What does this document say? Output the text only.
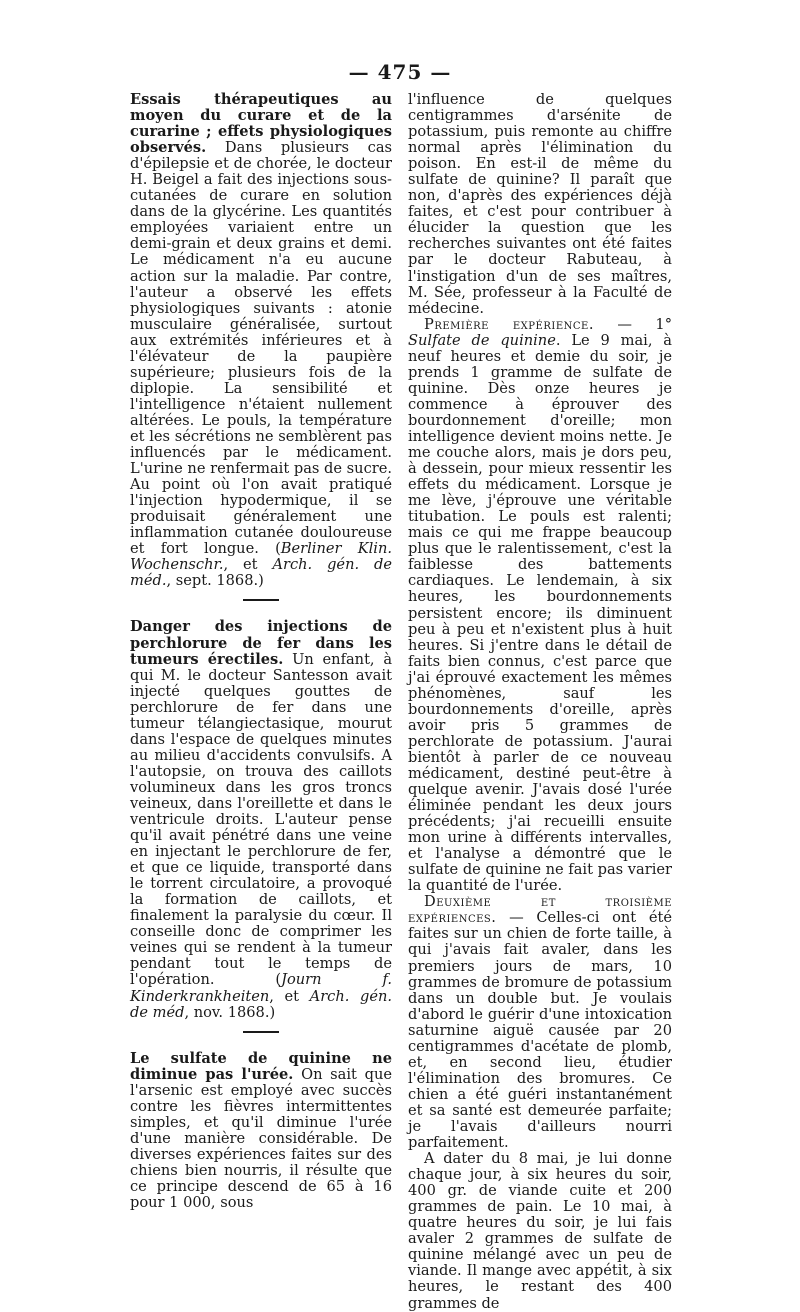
— 475 —

Essais thérapeutiques au moyen du curare et de la curarine ; effets physiologiques observés. Dans plusieurs cas d'épilepsie et de chorée, le docteur H. Beigel a fait des injections sous-cutanées de curare en solution dans de la glycérine. Les quantités employées variaient entre un demi-grain et deux grains et demi. Le médicament n'a eu aucune action sur la maladie. Par contre, l'auteur a observé les effets physiologiques suivants : atonie musculaire généralisée, surtout aux extrémités inférieures et à l'élévateur de la paupière supérieure; plusieurs fois de la diplopie. La sensibilité et l'intelligence n'étaient nullement altérées. Le pouls, la température et les sécrétions ne semblèrent pas influencés par le médicament. L'urine ne renfermait pas de sucre. Au point où l'on avait pratiqué l'injection hypodermique, il se produisait généralement une inflammation cutanée douloureuse et fort longue. (Berliner Klin. Wochenschr., et Arch. gén. de méd., sept. 1868.)

Danger des injections de perchlorure de fer dans les tumeurs érectiles. Un enfant, à qui M. le docteur Santesson avait injecté quelques gouttes de perchlorure de fer dans une tumeur télangiectasique, mourut dans l'espace de quelques minutes au milieu d'accidents convulsifs. A l'autopsie, on trouva des caillots volumineux dans les gros troncs veineux, dans l'oreillette et dans le ventricule droits. L'auteur pense qu'il avait pénétré dans une veine en injectant le perchlorure de fer, et que ce liquide, transporté dans le torrent circulatoire, a provoqué la formation de caillots, et finalement la paralysie du cœur. Il conseille donc de comprimer les veines qui se rendent à la tumeur pendant tout le temps de l'opération.	(Journ f. Kinderkrankheiten, et Arch. gén. de méd, nov. 1868.)

Le sulfate de quinine ne diminue pas l'urée. On sait que l'arsenic est employé avec succès contre les fièvres intermittentes simples, et qu'il diminue l'urée d'une manière considérable. De diverses expériences faites sur des chiens bien nourris, il résulte que ce principe descend de 65 à 16 pour 1 000, sous

l'influence de quelques centigrammes d'arsénite de potassium, puis remonte au chiffre normal après l'élimination du poison. En est-il de même du sulfate de quinine? Il paraît que non, d'après des expériences déjà faites, et c'est pour contribuer à élucider la question que les recherches suivantes ont été faites par le docteur Rabuteau, à l'instigation d'un de ses maîtres, M. Sée, professeur à la Faculté de médecine.

Première expérience. — 1° Sulfate de quinine. Le 9 mai, à neuf heures et demie du soir, je prends 1 gramme de sulfate de quinine. Dès onze heures je commence à éprouver des bourdonnement d'oreille; mon intelligence devient moins nette. Je me couche alors, mais je dors peu, à dessein, pour mieux ressentir les effets du médicament. Lorsque je me lève, j'éprouve une véritable titubation. Le pouls est ralenti; mais ce qui me frappe beaucoup plus que le ralentissement, c'est la faiblesse des battements cardiaques. Le lendemain, à six heures, les bourdonnements persistent encore; ils diminuent peu à peu et n'existent plus à huit heures. Si j'entre dans le détail de faits bien connus, c'est parce que j'ai éprouvé exactement les mêmes phénomènes, sauf les bourdonnements d'oreille, après avoir pris 5 grammes de perchlorate de potassium. J'aurai bientôt à parler de ce nouveau médicament, destiné peut-être à quelque avenir. J'avais dosé l'urée éliminée pendant les deux jours précédents; j'ai recueilli ensuite mon urine à différents intervalles, et l'analyse a démontré que le sulfate de quinine ne fait pas varier la quantité de l'urée.

Deuxième et troisième expériences. — Celles-ci ont été faites sur un chien de forte taille, à qui j'avais fait avaler, dans les premiers jours de mars, 10 grammes de bromure de potassium dans un double but. Je voulais d'abord le guérir d'une intoxication saturnine aiguë causée par 20 centigrammes d'acétate de plomb, et, en second lieu, étudier l'élimination des bromures. Ce chien a été guéri instantanément et sa santé est demeurée parfaite; je l'avais d'ailleurs nourri parfaitement.

A dater du 8 mai, je lui donne chaque jour, à six heures du soir, 400 gr. de viande cuite et 200 grammes de pain. Le 10 mai, à quatre heures du soir, je lui fais avaler 2 grammes de sulfate de quinine mélangé avec un peu de viande. Il mange avec appétit, à six heures, le restant des 400 grammes de
